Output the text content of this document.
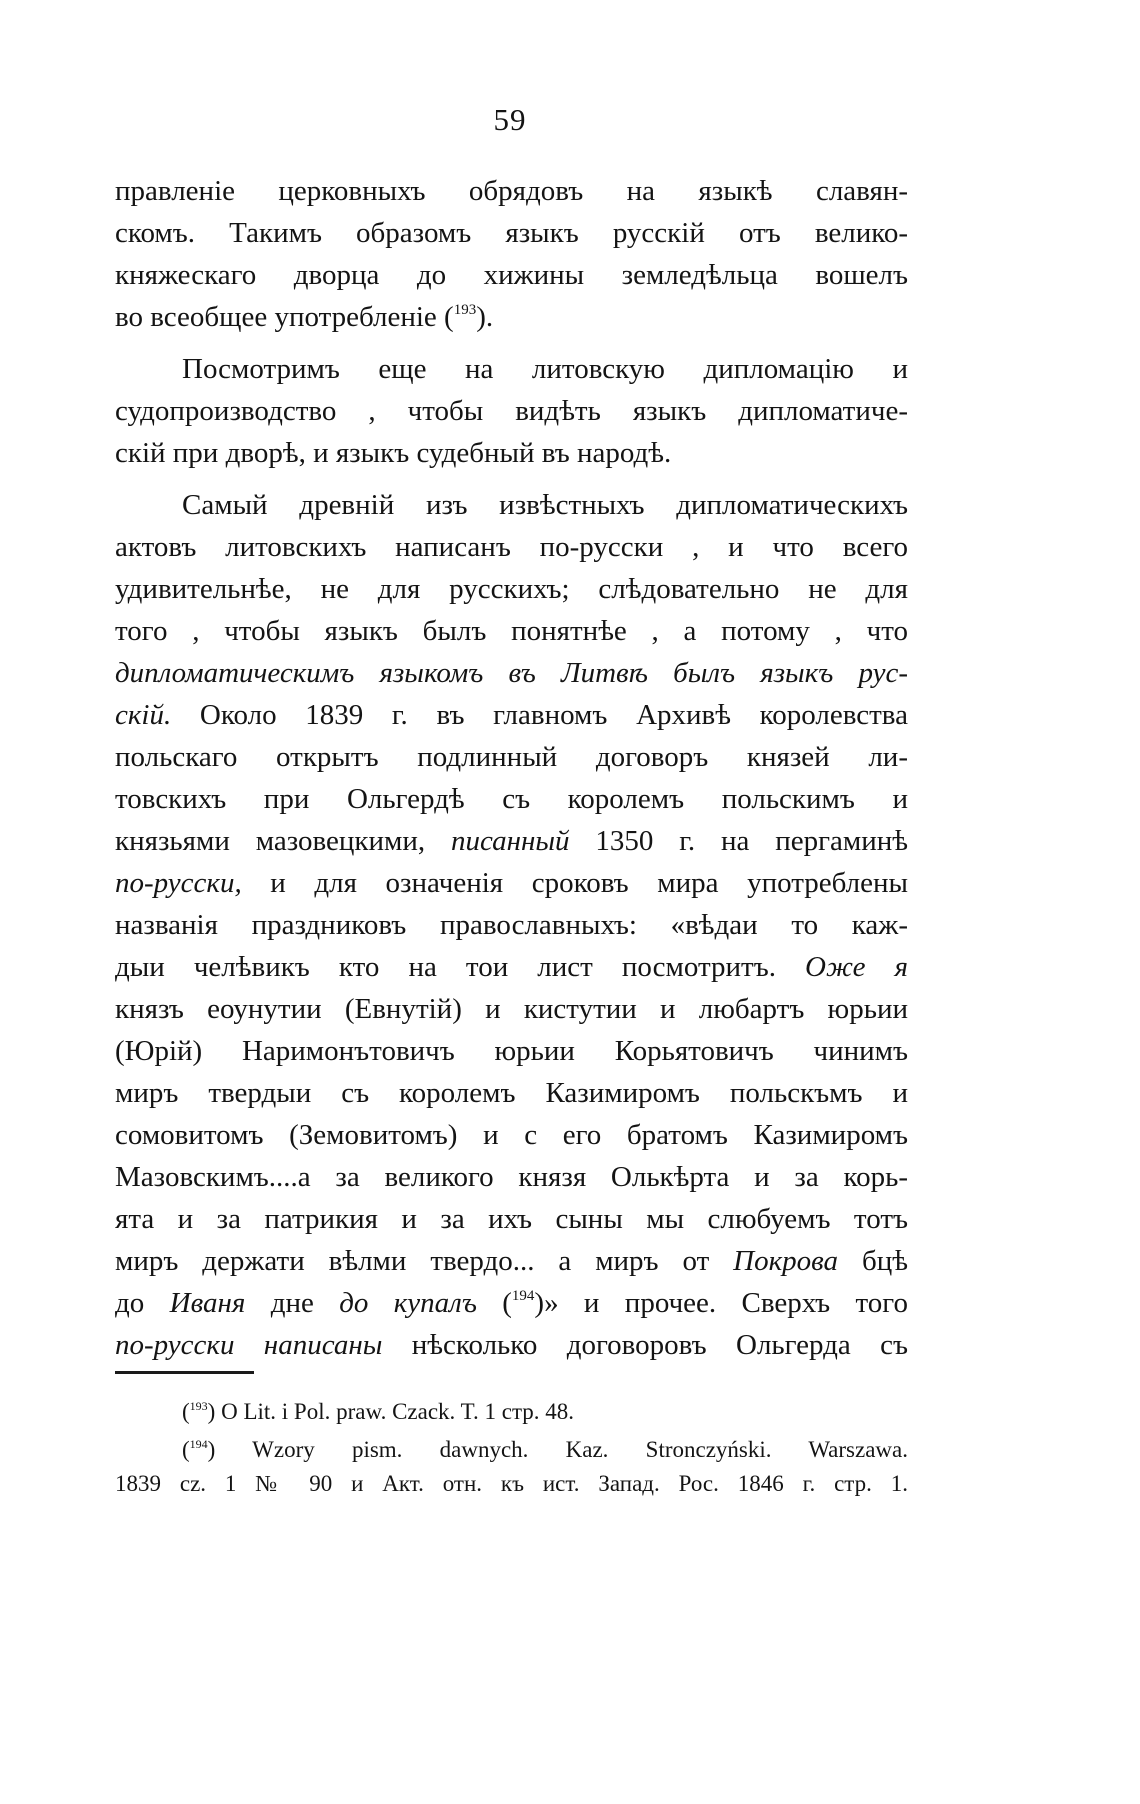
59
правленіе церковныхъ обрядовъ на языкѣ славян-
скомъ. Такимъ образомъ языкъ русскій отъ велико-
княжескаго дворца до хижины земледѣльца вошелъ
во всеобщее употребленіе ($^{193}$).
Посмотримъ еще на литовскую дипломацію и
судопроизводство , чтобы видѣть языкъ дипломатиче-
скій при дворѣ, и языкъ судебный въ народѣ.
Самый древній изъ извѣстныхъ дипломатическихъ
актовъ литовскихъ написанъ по-русски , и что всего
удивительнѣе, не для русскихъ; слѣдовательно не для
того , чтобы языкъ былъ понятнѣе , а потому , что
дипломатическимъ языкомъ въ Литвѣ былъ языкъ рус-
скій. Около 1839 г. въ главномъ Архивѣ королевства
польскаго открытъ подлинный договоръ князей ли-
товскихъ при Ольгердѣ съ королемъ польскимъ и
князьями мазовецкими, писанный 1350 г. на пергаминѣ
по-русски, и для означенія сроковъ мира употреблены
названія праздниковъ православныхъ: «вѣдаи то каж-
дыи челѣвикъ кто на тои лист посмотритъ. Оже я
князъ еоунутии (Евнутій) и кистутии и любартъ юрьии
(Юрій) Наримонътовичъ юрьии Корьятовичъ чинимъ
миръ твердыи съ королемъ Казимиромъ польскъмъ и
сомовитомъ (Земовитомъ) и с его братомъ Казимиромъ
Мазовскимъ....а за великого князя Олькѣрта и за корь-
ята и за патрикия и за ихъ сыны мы слюбуемъ тотъ
миръ держати вѣлми твердо... а миръ от Покрова бцѣ
до Иваня дне до купалъ ($^{194}$)» и прочее. Сверхъ того
по-русски написаны нѣсколько договоровъ Ольгерда съ
($^{193}$) O Lit. i Pol. praw. Czack. T. 1 стр. 48.
($^{194}$) Wzory pism. dawnych. Kaz. Stronczyński. Warszawa.
1839 cz. 1 № 90 и Акт. отн. къ ист. Запад. Рос. 1846 г. стр. 1.
